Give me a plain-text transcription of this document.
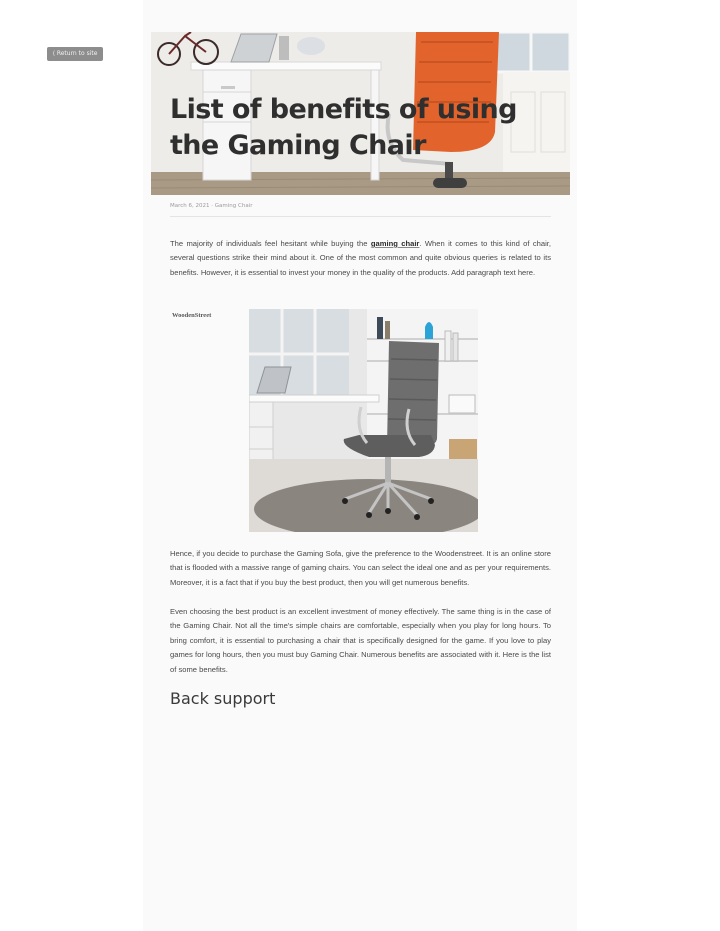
⟨ Return to site
List of benefits of using the Gaming Chair
March 6, 2021 · Gaming Chair

The majority of individuals feel hesitant while buying the gaming chair. When it comes to this kind of chair, several questions strike their mind about it. One of the most common and quite obvious queries is related to its benefits. However, it is essential to invest your money in the quality of the products. Add paragraph text here.

WoodenStreet

Hence, if you decide to purchase the Gaming Sofa, give the preference to the Woodenstreet. It is an online store that is flooded with a massive range of gaming chairs. You can select the ideal one and as per your requirements. Moreover, it is a fact that if you buy the best product, then you will get numerous benefits.

Even choosing the best product is an excellent investment of money effectively. The same thing is in the case of the Gaming Chair. Not all the time's simple chairs are comfortable, especially when you play for long hours. To bring comfort, it is essential to purchasing a chair that is specifically designed for the game. If you love to play games for long hours, then you must buy Gaming Chair. Numerous benefits are associated with it. Here is the list of some benefits.

Back support
